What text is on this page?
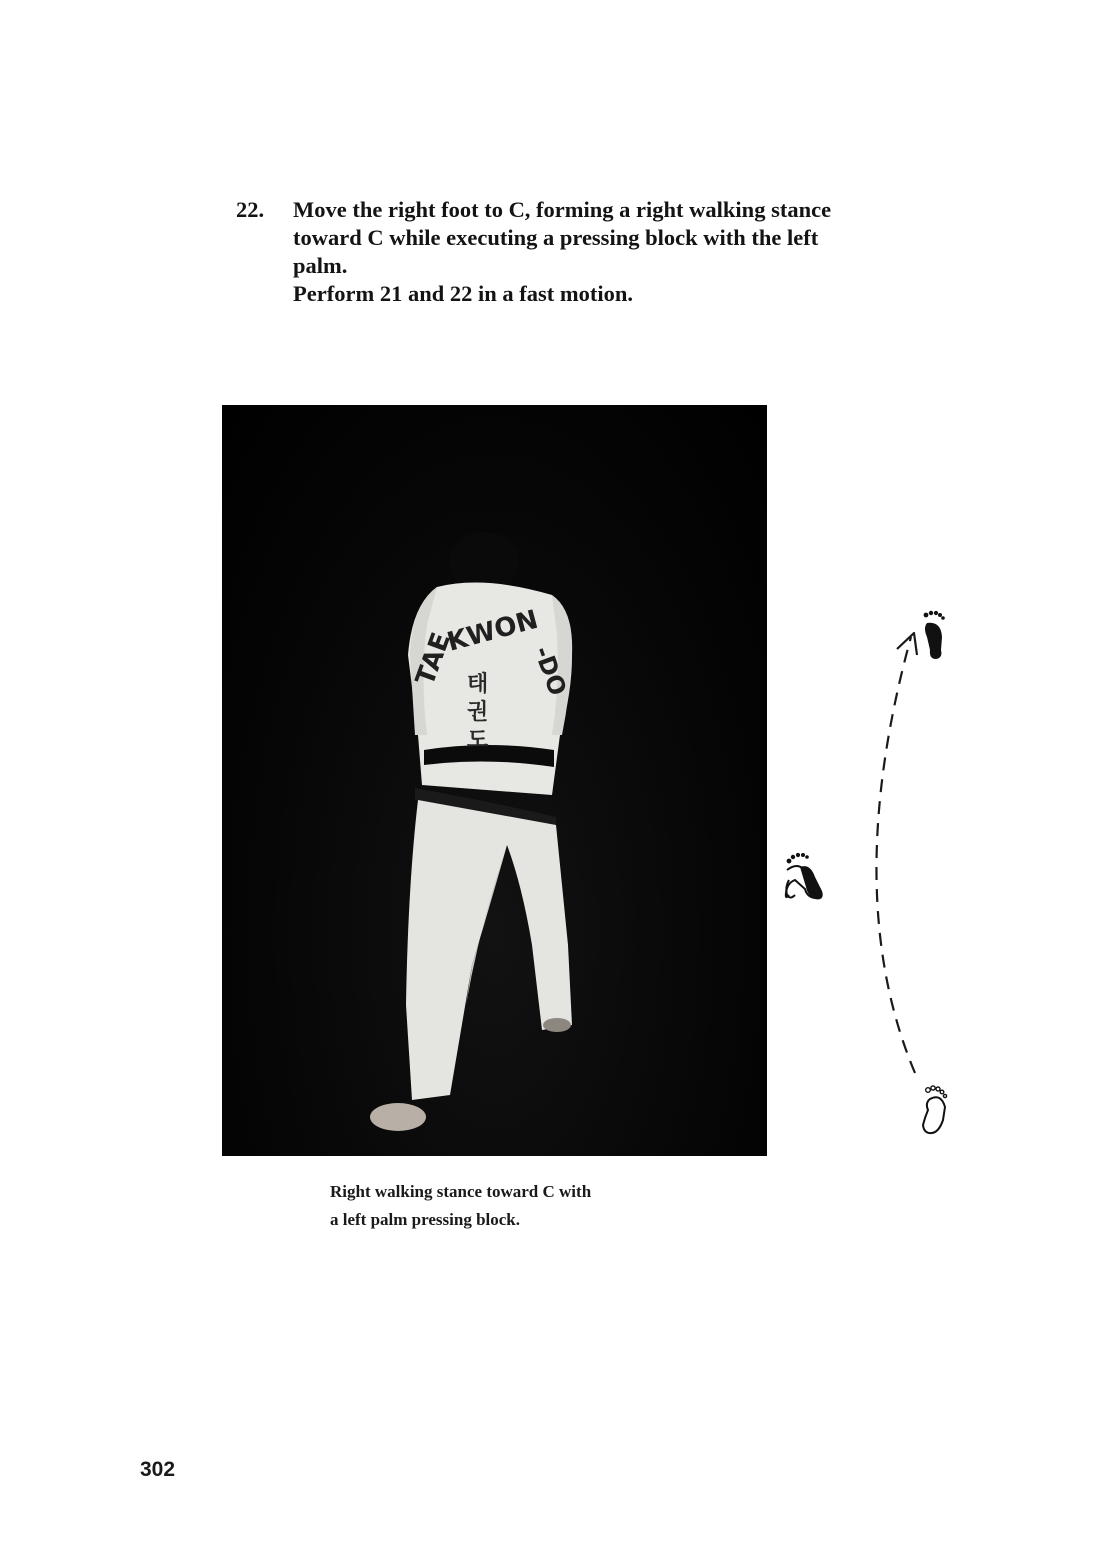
22. Move the right foot to C, forming a right walking stance
toward C while executing a pressing block with the left
palm.
Perform 21 and 22 in a fast motion.
TAE
KWON
-DO
태
권
도
Right walking stance toward C with
a left palm pressing block.
302
